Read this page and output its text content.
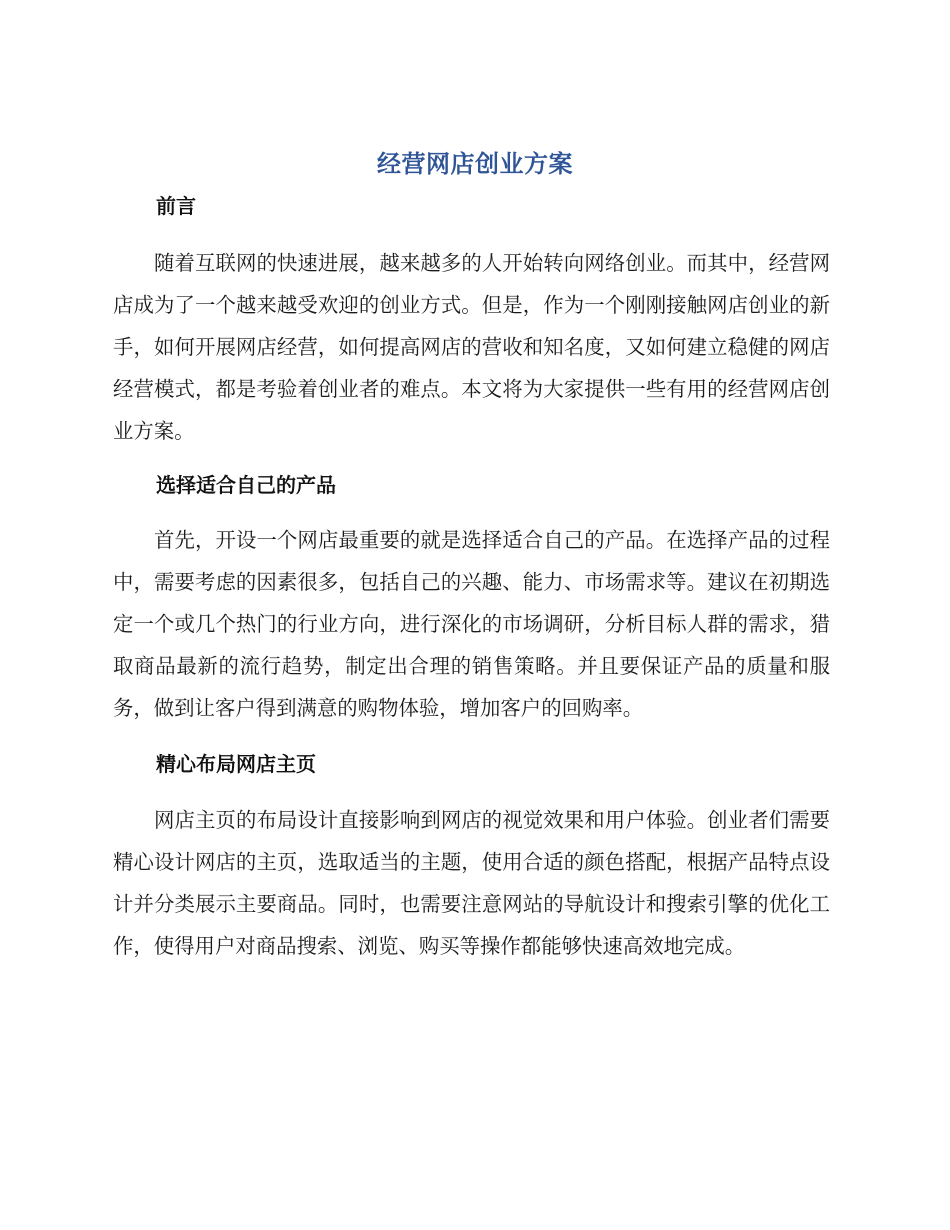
经营网店创业方案
前言
随着互联网的快速进展，越来越多的人开始转向网络创业。而其中，经营网店成为了一个越来越受欢迎的创业方式。但是，作为一个刚刚接触网店创业的新手，如何开展网店经营，如何提高网店的营收和知名度，又如何建立稳健的网店经营模式，都是考验着创业者的难点。本文将为大家提供一些有用的经营网店创业方案。
选择适合自己的产品
首先，开设一个网店最重要的就是选择适合自己的产品。在选择产品的过程中，需要考虑的因素很多，包括自己的兴趣、能力、市场需求等。建议在初期选定一个或几个热门的行业方向，进行深化的市场调研，分析目标人群的需求，猎取商品最新的流行趋势，制定出合理的销售策略。并且要保证产品的质量和服务，做到让客户得到满意的购物体验，增加客户的回购率。
精心布局网店主页
网店主页的布局设计直接影响到网店的视觉效果和用户体验。创业者们需要精心设计网店的主页，选取适当的主题，使用合适的颜色搭配，根据产品特点设计并分类展示主要商品。同时，也需要注意网站的导航设计和搜索引擎的优化工作，使得用户对商品搜索、浏览、购买等操作都能够快速高效地完成。
